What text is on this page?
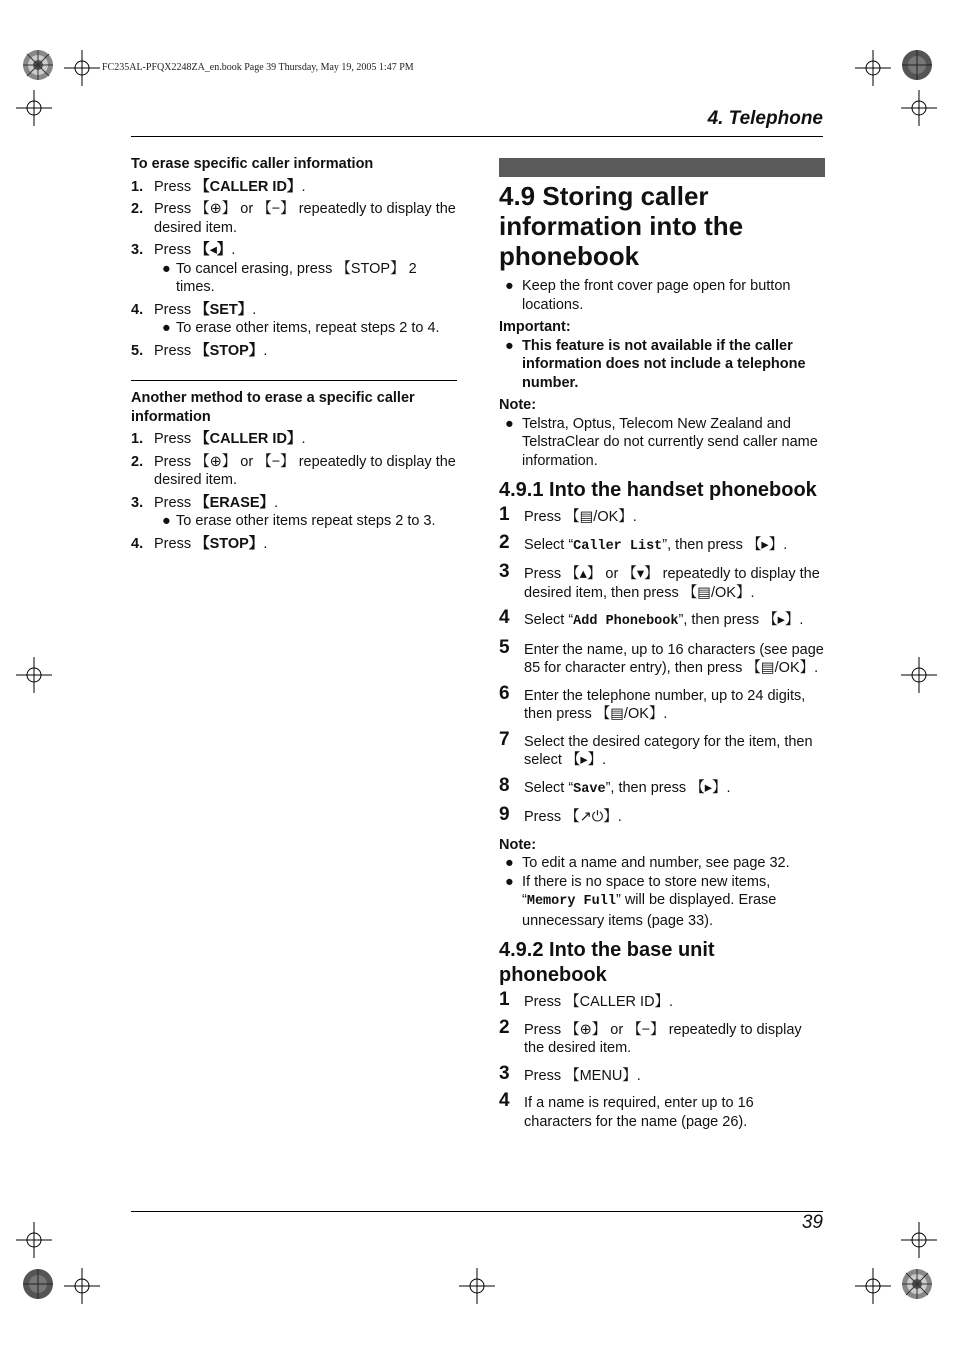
FC235AL-PFQX2248ZA_en.book Page 39 Thursday, May 19, 2005 1:47 PM
4. Telephone
To erase specific caller information
1. Press 【CALLER ID】.
2. Press 【⊕】 or 【−】 repeatedly to display the desired item.
3. Press 【◂】.
● To cancel erasing, press 【STOP】 2 times.
4. Press 【SET】.
● To erase other items, repeat steps 2 to 4.
5. Press 【STOP】.
Another method to erase a specific caller information
1. Press 【CALLER ID】.
2. Press 【⊕】 or 【−】 repeatedly to display the desired item.
3. Press 【ERASE】.
● To erase other items repeat steps 2 to 3.
4. Press 【STOP】.
4.9 Storing caller information into the phonebook
● Keep the front cover page open for button locations.
Important:
● This feature is not available if the caller information does not include a telephone number.
Note:
● Telstra, Optus, Telecom New Zealand and TelstraClear do not currently send caller name information.
4.9.1 Into the handset phonebook
1 Press 【▤/OK】.
2 Select “Caller List”, then press 【▸】.
3 Press 【▴】 or 【▾】 repeatedly to display the desired item, then press 【▤/OK】.
4 Select “Add Phonebook”, then press 【▸】.
5 Enter the name, up to 16 characters (see page 85 for character entry), then press 【▤/OK】.
6 Enter the telephone number, up to 24 digits, then press 【▤/OK】.
7 Select the desired category for the item, then select 【▸】.
8 Select “Save”, then press 【▸】.
9 Press 【↗⏻】.
Note:
● To edit a name and number, see page 32.
● If there is no space to store new items, “Memory Full” will be displayed. Erase unnecessary items (page 33).
4.9.2 Into the base unit phonebook
1 Press 【CALLER ID】.
2 Press 【⊕】 or 【−】 repeatedly to display the desired item.
3 Press 【MENU】.
4 If a name is required, enter up to 16 characters for the name (page 26).
39
